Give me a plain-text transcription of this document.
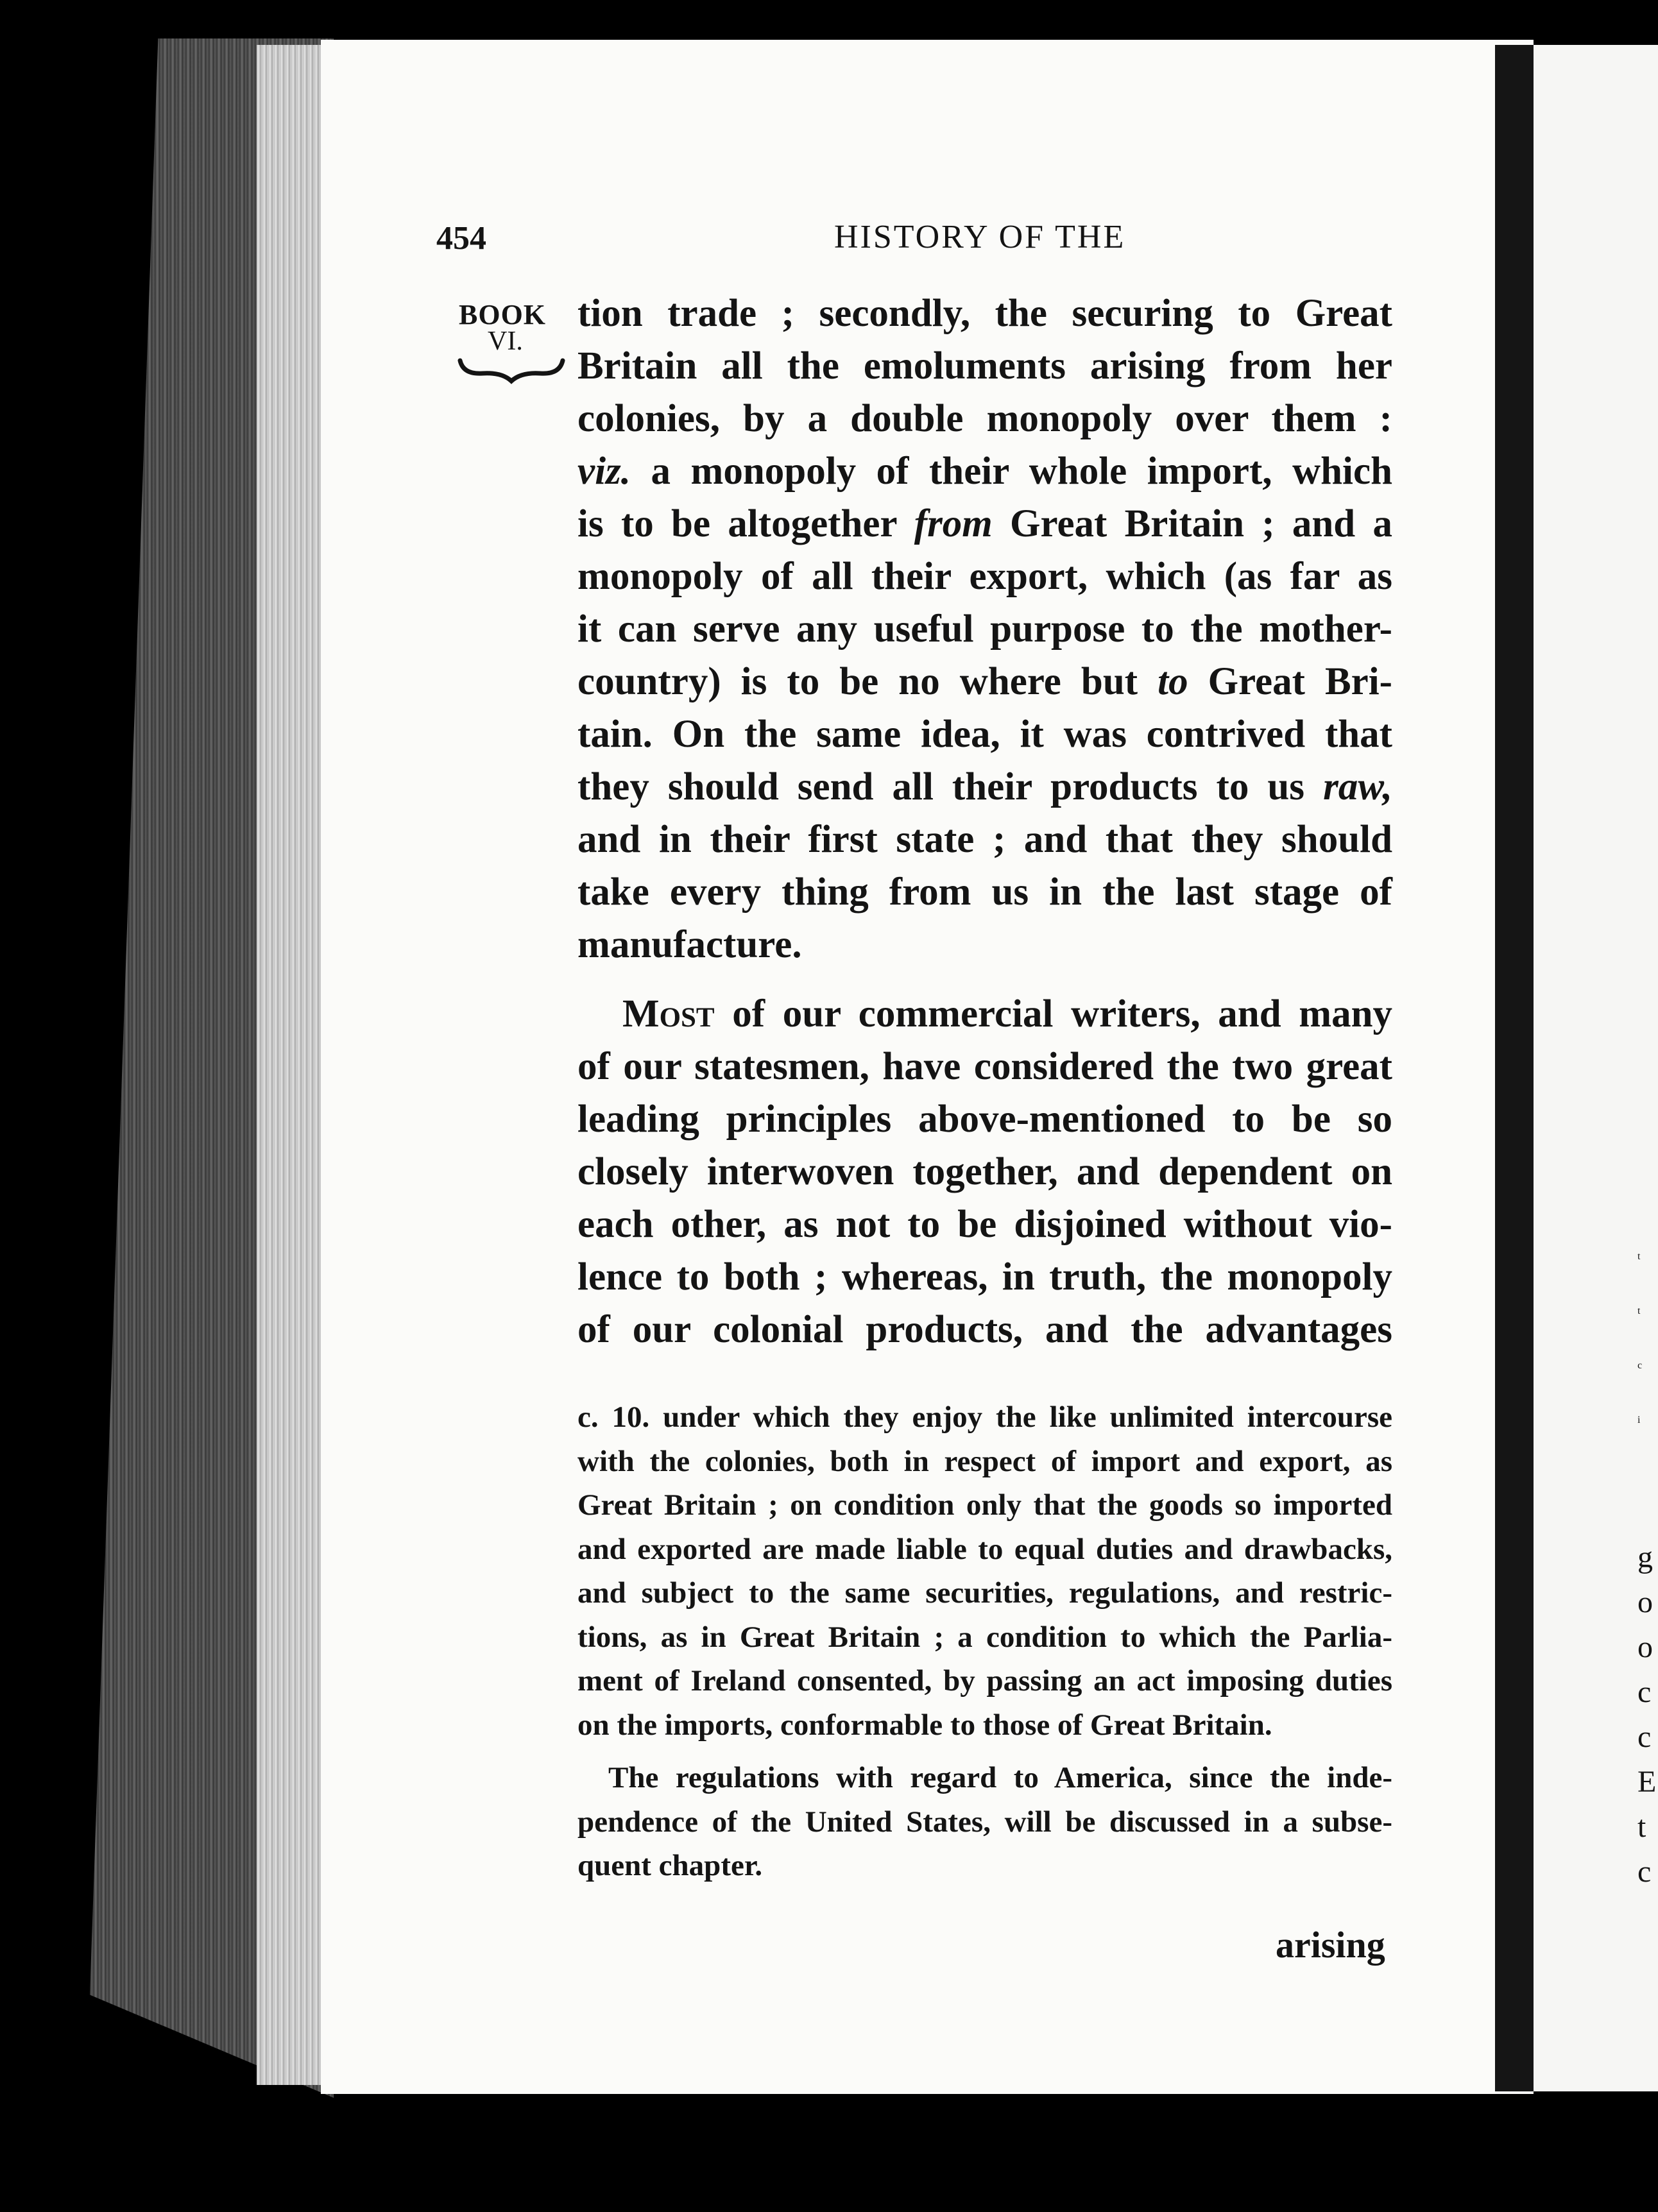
t
t
c
i
g
o
o
c
c
E
t
c
454	HISTORY OF THE
BOOK
VI.
tion trade ; secondly, the securing to Great
Britain all the emoluments arising from her
colonies, by a double monopoly over them :
viz. a monopoly of their whole import, which
is to be altogether from Great Britain ; and a
monopoly of all their export, which (as far as
it can serve any useful purpose to the mother-
country) is to be no where but to Great Bri-
tain. On the same idea, it was contrived that
they should send all their products to us raw,
and in their first state ; and that they should
take every thing from us in the last stage of
manufacture.
Most of our commercial writers, and many
of our statesmen, have considered the two great
leading principles above-mentioned to be so
closely interwoven together, and dependent on
each other, as not to be disjoined without vio-
lence to both ; whereas, in truth, the monopoly
of our colonial products, and the advantages
c. 10. under which they enjoy the like unlimited intercourse
with the colonies, both in respect of import and export, as
Great Britain ; on condition only that the goods so imported
and exported are made liable to equal duties and drawbacks,
and subject to the same securities, regulations, and restric-
tions, as in Great Britain ; a condition to which the Parlia-
ment of Ireland consented, by passing an act imposing duties
on the imports, conformable to those of Great Britain.
The regulations with regard to America, since the inde-
pendence of the United States, will be discussed in a subse-
quent chapter.
arising
